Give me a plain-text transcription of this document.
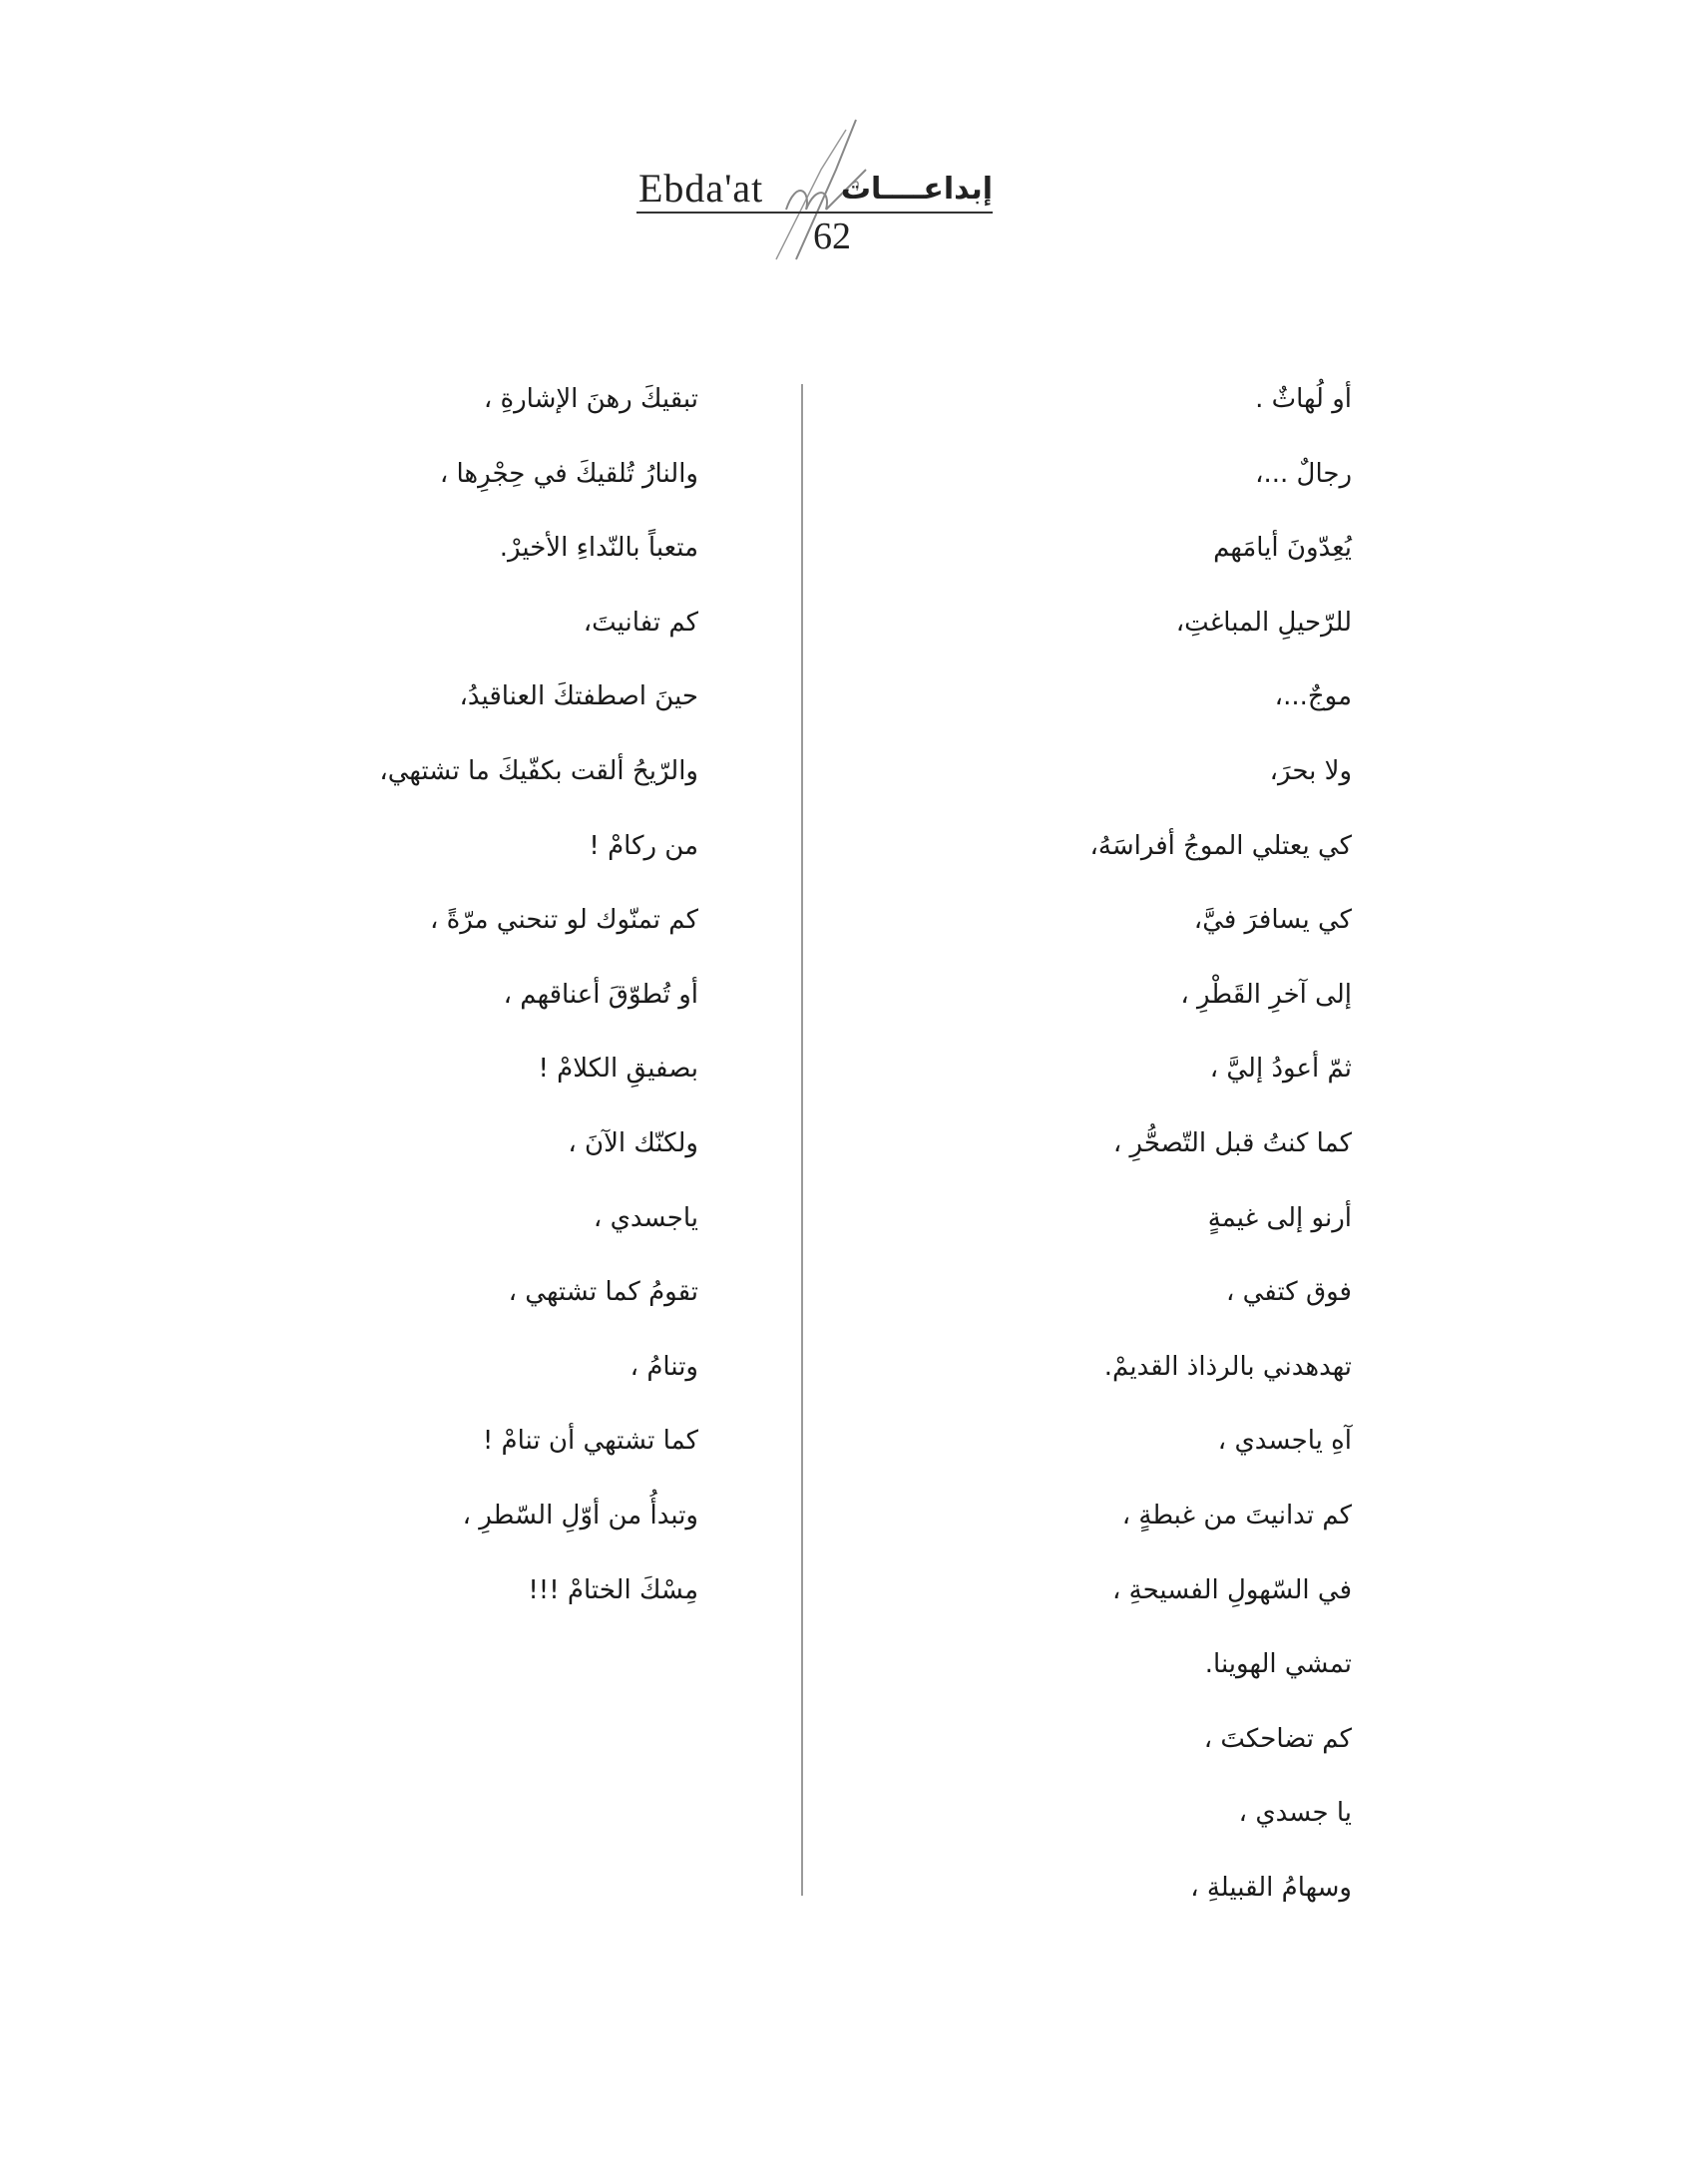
Ebda'at	إبداعــــات
62
أو لُهاثٌ .
رجالٌ ...،
يُعِدّونَ أيامَهم
للرّحيلِ المباغتِ،
موجٌ...،
ولا بحرَ،
كي يعتلي الموجُ أفراسَهُ،
كي يسافرَ فيَّ،
إلى آخرِ القَطْرِ ،
ثمّ أعودُ إليَّ ،
كما كنتُ قبل التّصحُّرِ ،
أرنو إلى غيمةٍ
فوق كتفي ،
تهدهدني بالرذاذ القديمْ.
آهِ ياجسدي ،
كم تدانيتَ من غبطةٍ ،
في السّهولِ الفسيحةِ ،
تمشي الهوينا.
كم تضاحكتَ ،
يا جسدي ،
وسهامُ القبيلةِ ،
تبقيكَ رهنَ الإشارةِ ،
والنارُ تُلقيكَ في حِجْرِها ،
متعباً بالنّداءِ الأخيرْ.
كم تفانيتَ،
حينَ اصطفتكَ العناقيدُ،
والرّيحُ ألقت بكفّيكَ ما تشتهي،
من ركامْ !
كم تمنّوك لو تنحني مرّةً ،
أو تُطوّقَ أعناقهم ،
بصفيقِ الكلامْ !
ولكنّك الآنَ ،
ياجسدي ،
تقومُ كما تشتهي ،
وتنامُ ،
كما تشتهي أن تنامْ !
وتبدأُ من أوّلِ السّطرِ ،
مِسْكَ الختامْ !!!
